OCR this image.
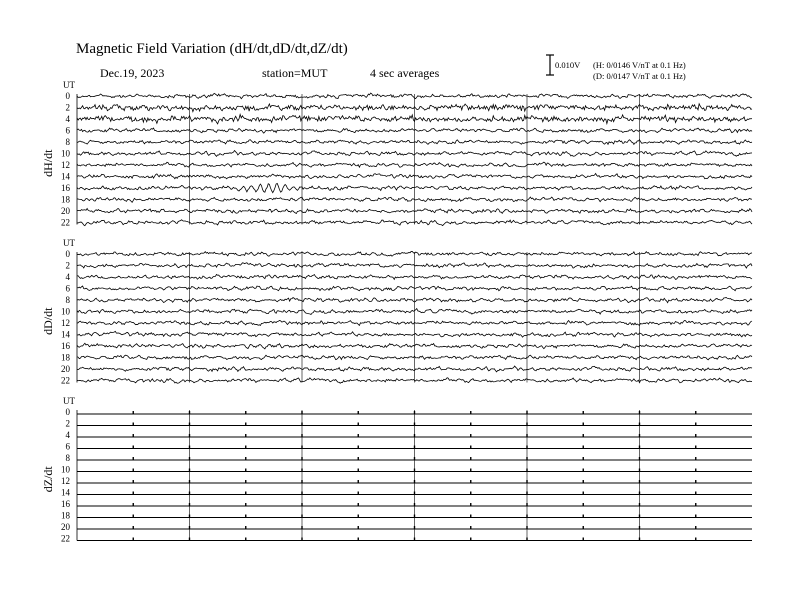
Magnetic Field Variation (dH/dt,dD/dt,dZ/dt)
Dec.19, 2023	station=MUT	4 sec averages
0.010V (H: 0/0146 V/nT at 0.1 Hz)
(D: 0/0147 V/nT at 0.1 Hz)
UT
dH/dt
0
2
4
6
8
10
12
14
16
18
20
22
UT
dD/dt
0
2
4
6
8
10
12
14
16
18
20
22
UT
dZ/dt
0
2
4
6
8
10
12
14
16
18
20
22
